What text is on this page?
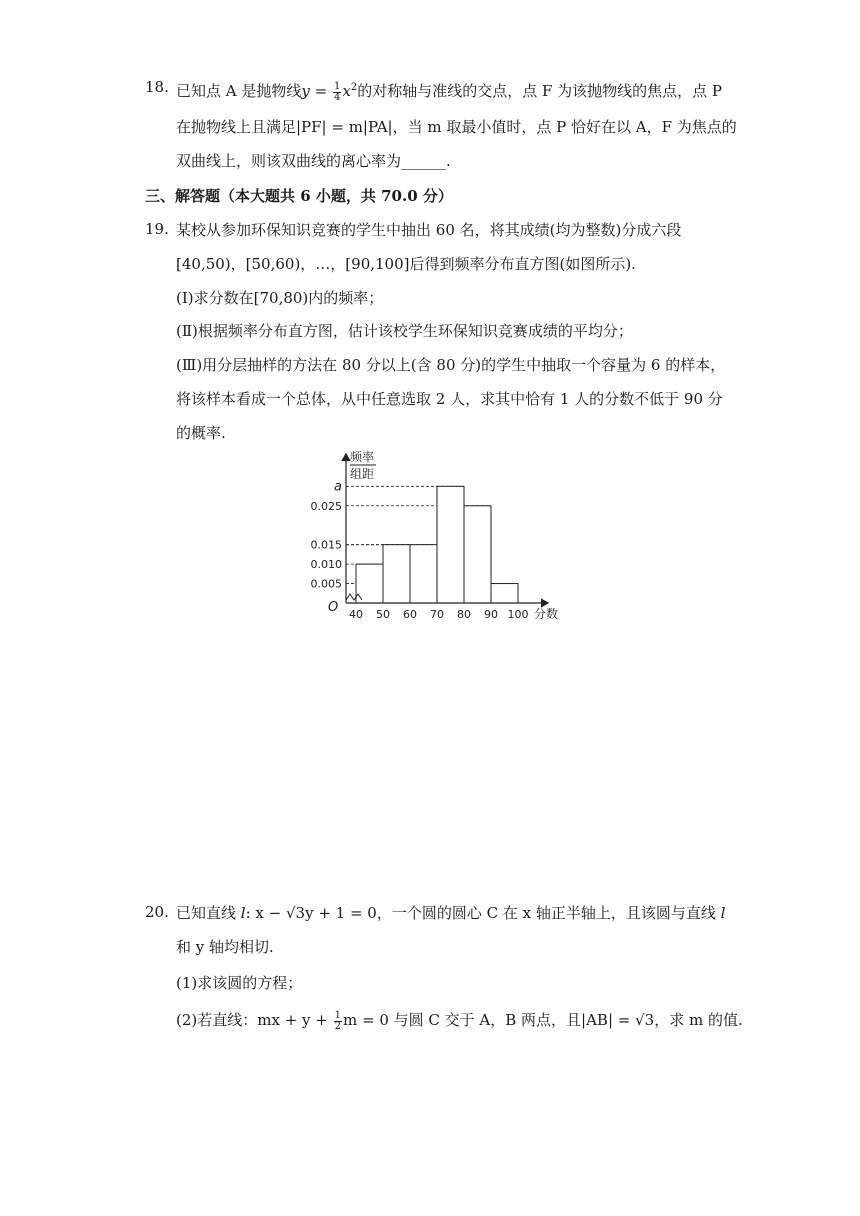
18. 已知点 A 是抛物线$y = \frac{1}{4} x^2$的对称轴与准线的交点，点 F 为该抛物线的焦点，点 P
在抛物线上且满足|PF| = m|PA|，当 m 取最小值时，点 P 恰好在以 A，F 为焦点的
双曲线上，则该双曲线的离心率为______.
三、解答题（本大题共 6 小题，共 70.0 分）
19. 某校从参加环保知识竞赛的学生中抽出 60 名，将其成绩(均为整数)分成六段
[40,50)，[50,60)，…，[90,100]后得到频率分布直方图(如图所示).
(Ⅰ)求分数在[70,80)内的频率；
(Ⅱ)根据频率分布直方图，估计该校学生环保知识竞赛成绩的平均分；
(Ⅲ)用分层抽样的方法在 80 分以上(含 80 分)的学生中抽取一个容量为 6 的样本，
将该样本看成一个总体，从中任意选取 2 人，求其中恰有 1 人的分数不低于 90 分
的概率.
频率
组距
分数
O
0.005
0.010
0.015
0.025
a
40 50 60 70 80 90 100
20. 已知直线 l: x − √3y + 1 = 0，一个圆的圆心 C 在 x 轴正半轴上，且该圆与直线 l
和 y 轴均相切.
(1)求该圆的方程；
(2)若直线：mx + $y + \frac{1}{2}$ m = 0 与圆 C 交于 A，B 两点，且|AB| = √3，求 m 的值.
